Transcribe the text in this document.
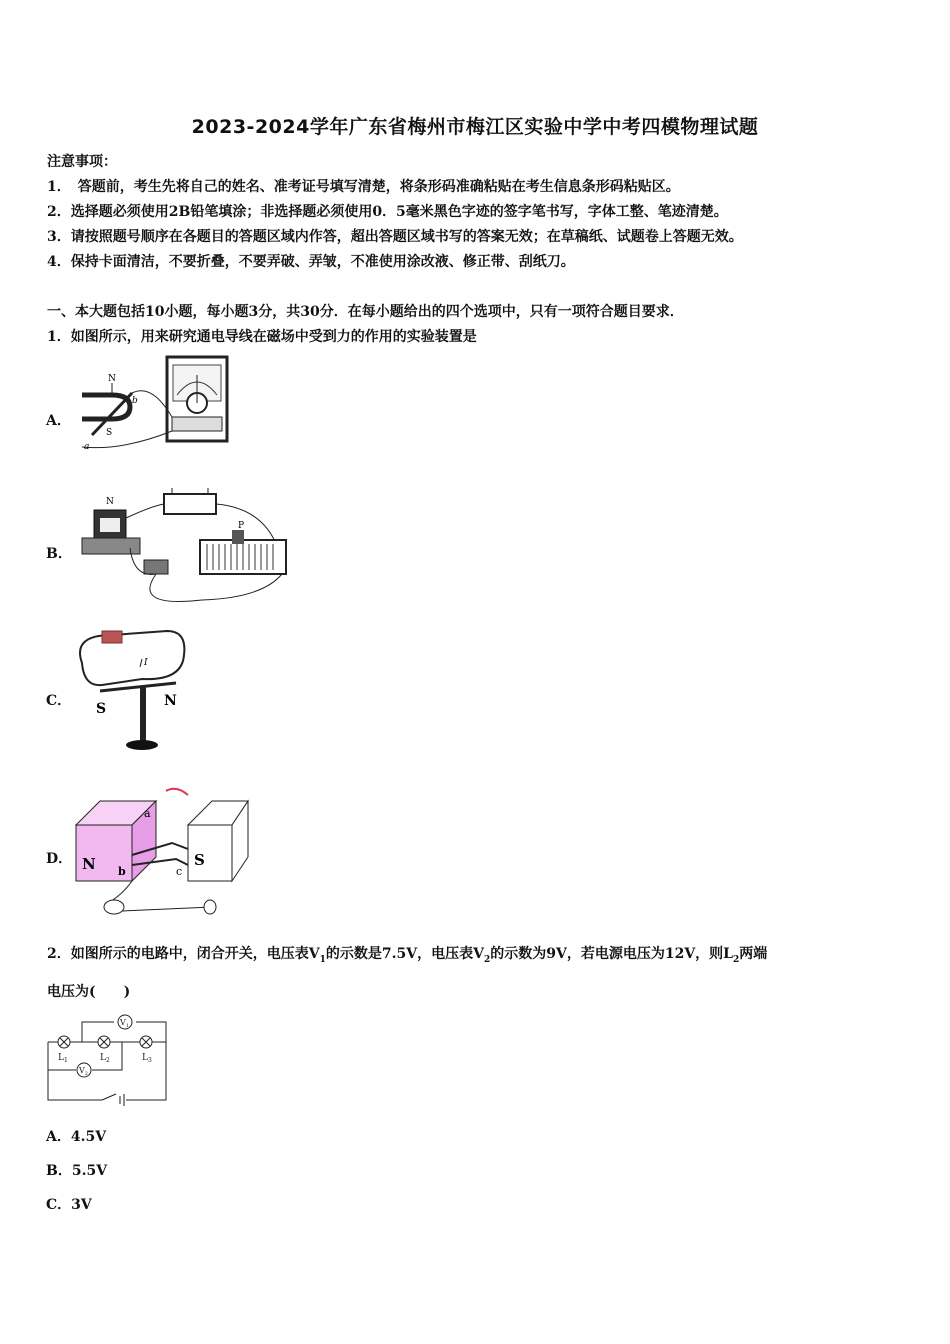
2023-2024学年广东省梅州市梅江区实验中学中考四模物理试题
注意事项：
1．　答题前，考生先将自己的姓名、准考证号填写清楚，将条形码准确粘贴在考生信息条形码粘贴区。
2．选择题必须使用2B铅笔填涂；非选择题必须使用0．5毫米黑色字迹的签字笔书写，字体工整、笔迹清楚。
3．请按照题号顺序在各题目的答题区域内作答，超出答题区域书写的答案无效；在草稿纸、试题卷上答题无效。
4．保持卡面清洁，不要折叠，不要弄破、弄皱，不准使用涂改液、修正带、刮纸刀。
一、本大题包括10小题，每小题3分，共30分．在每小题给出的四个选项中，只有一项符合题目要求．
1．如图所示，用来研究通电导线在磁场中受到力的作用的实验装置是
A．
N
S
a
b
B．
N
P
C． S	N
I
D． N	S
a
b	c
2．如图所示的电路中，闭合开关，电压表$V_1$的示数是7.5V，电压表$V_2$的示数为9V，若电源电压为12V，则$L_2$两端
电压为(　　)
$L_1$	$L_2$	$L_3$
$V_1$
$V_2$
A．4.5V
B．5.5V
C．3V
